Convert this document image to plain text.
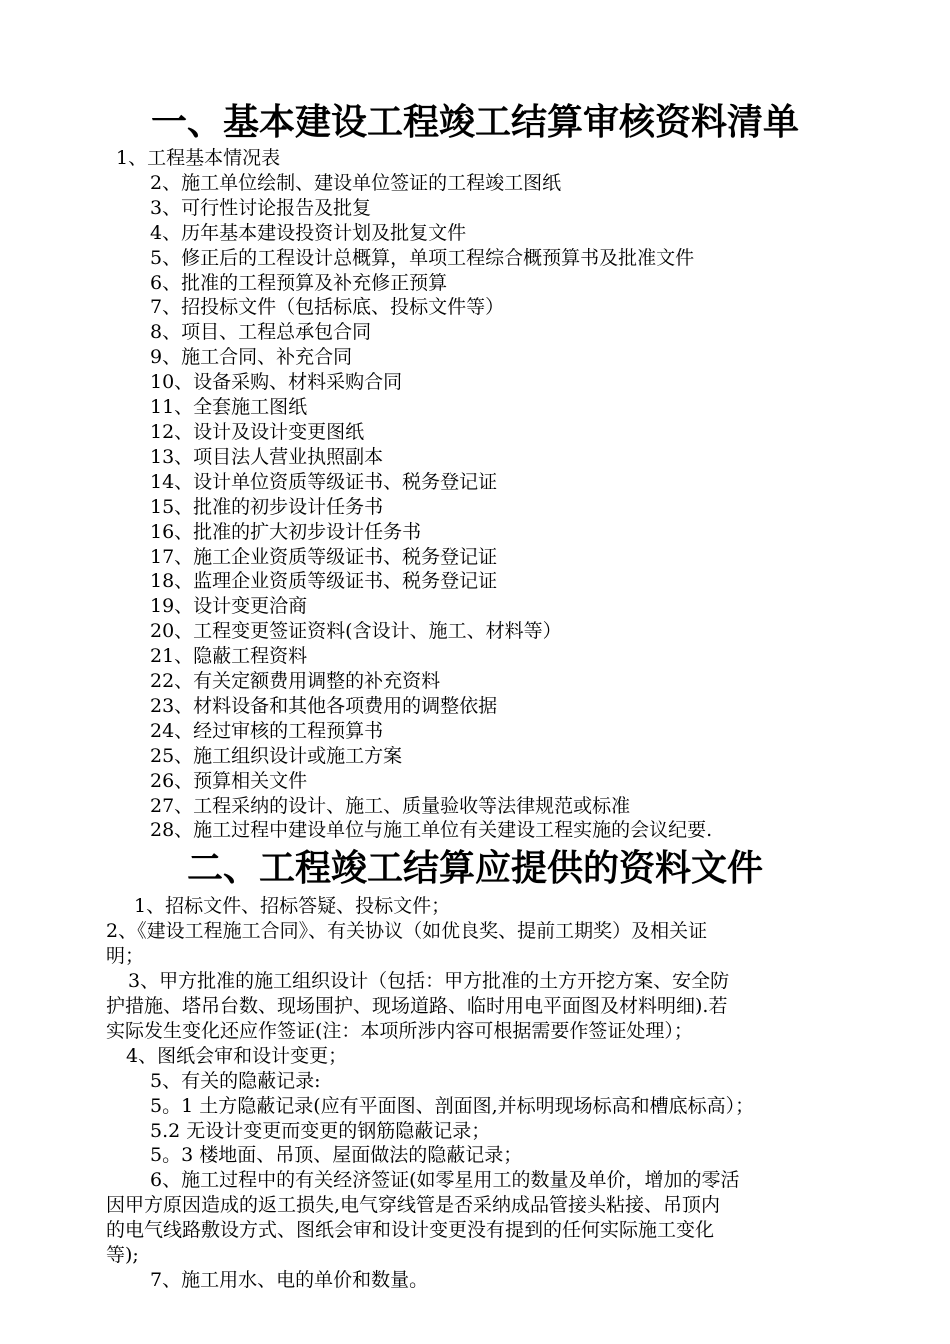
一、基本建设工程竣工结算审核资料清单
1、工程基本情况表
2、施工单位绘制、建设单位签证的工程竣工图纸
3、可行性讨论报告及批复
4、历年基本建设投资计划及批复文件
5、修正后的工程设计总概算，单项工程综合概预算书及批准文件
6、批准的工程预算及补充修正预算
7、招投标文件（包括标底、投标文件等）
8、项目、工程总承包合同
9、施工合同、补充合同
10、设备采购、材料采购合同
11、全套施工图纸
12、设计及设计变更图纸
13、项目法人营业执照副本
14、设计单位资质等级证书、税务登记证
15、批准的初步设计任务书
16、批准的扩大初步设计任务书
17、施工企业资质等级证书、税务登记证
18、监理企业资质等级证书、税务登记证
19、设计变更洽商
20、工程变更签证资料(含设计、施工、材料等）
21、隐蔽工程资料
22、有关定额费用调整的补充资料
23、材料设备和其他各项费用的调整依据
24、经过审核的工程预算书
25、施工组织设计或施工方案
26、预算相关文件
27、工程采纳的设计、施工、质量验收等法律规范或标准
28、施工过程中建设单位与施工单位有关建设工程实施的会议纪要.
二、工程竣工结算应提供的资料文件

1、招标文件、招标答疑、投标文件；

2、《建设工程施工合同》、有关协议（如优良奖、提前工期奖）及相关证
明；

3、甲方批准的施工组织设计（包括：甲方批准的土方开挖方案、安全防
护措施、塔吊台数、现场围护、现场道路、临时用电平面图及材料明细).若
实际发生变化还应作签证(注：本项所涉内容可根据需要作签证处理）；

4、图纸会审和设计变更；

5、有关的隐蔽记录:

5。1 土方隐蔽记录(应有平面图、剖面图,并标明现场标高和槽底标高）；

5.2 无设计变更而变更的钢筋隐蔽记录；

5。3 楼地面、吊顶、屋面做法的隐蔽记录；

6、施工过程中的有关经济签证(如零星用工的数量及单价，增加的零活
因甲方原因造成的返工损失,电气穿线管是否采纳成品管接头粘接、吊顶内
的电气线路敷设方式、图纸会审和设计变更没有提到的任何实际施工变化
等);

7、施工用水、电的单价和数量。
